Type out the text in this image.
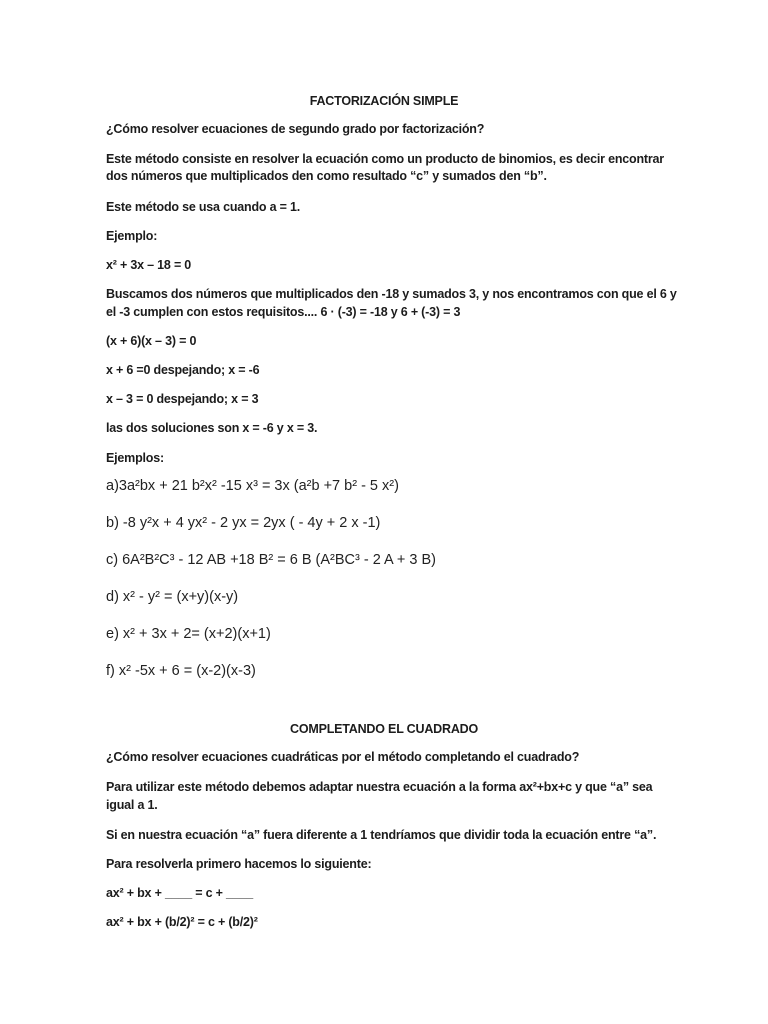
FACTORIZACIÓN SIMPLE
¿Cómo resolver ecuaciones de segundo grado por factorización?
Este método consiste en resolver la ecuación como un producto de binomios, es decir encontrar
dos números que multiplicados den como resultado “c” y sumados den “b”.
Este método se usa cuando a = 1.
Ejemplo:
x² + 3x – 18 = 0
Buscamos dos números que multiplicados den -18 y sumados 3, y nos encontramos con que el 6 y
el -3 cumplen con estos requisitos.... 6 · (-3) = -18 y 6 + (-3) = 3
(x + 6)(x – 3) = 0
x + 6 =0 despejando; x = -6
x – 3 = 0 despejando; x = 3
las dos soluciones son x = -6 y x = 3.
Ejemplos:
a)3a²bx + 21 b²x² -15 x³ = 3x (a²b +7 b² - 5 x²)
b) -8 y²x + 4 yx² - 2 yx = 2yx ( - 4y + 2 x -1)
c) 6A²B²C³ - 12 AB +18 B² = 6 B (A²BC³ - 2 A + 3 B)
d) x² - y² = (x+y)(x-y)
e) x² + 3x + 2= (x+2)(x+1)
f) x² -5x + 6 = (x-2)(x-3)
COMPLETANDO EL CUADRADO
¿Cómo resolver ecuaciones cuadráticas por el método completando el cuadrado?
Para utilizar este método debemos adaptar nuestra ecuación a la forma ax²+bx+c y que “a” sea
igual a 1.
Si en nuestra ecuación “a” fuera diferente a 1 tendríamos que dividir toda la ecuación entre “a”.
Para resolverla primero hacemos lo siguiente:
ax² + bx + ____ = c + ____
ax² + bx + (b/2)² = c + (b/2)²
